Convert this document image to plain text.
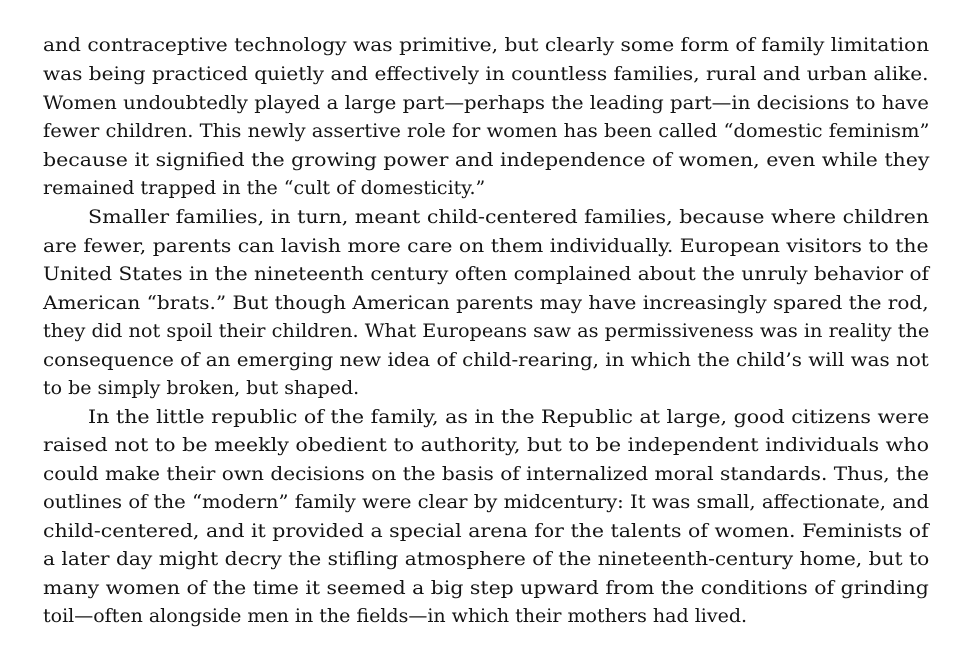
and contraceptive technology was primitive, but clearly some form of family limitation
was being practiced quietly and effectively in countless families, rural and urban alike.
Women undoubtedly played a large part—perhaps the leading part—in decisions to have
fewer children. This newly assertive role for women has been called “domestic feminism”
because it signified the growing power and independence of women, even while they
remained trapped in the “cult of domesticity.”
Smaller families, in turn, meant child-centered families, because where children
are fewer, parents can lavish more care on them individually. European visitors to the
United States in the nineteenth century often complained about the unruly behavior of
American “brats.” But though American parents may have increasingly spared the rod,
they did not spoil their children. What Europeans saw as permissiveness was in reality the
consequence of an emerging new idea of child-rearing, in which the child’s will was not
to be simply broken, but shaped.
In the little republic of the family, as in the Republic at large, good citizens were
raised not to be meekly obedient to authority, but to be independent individuals who
could make their own decisions on the basis of internalized moral standards. Thus, the
outlines of the “modern” family were clear by midcentury: It was small, affectionate, and
child-centered, and it provided a special arena for the talents of women. Feminists of
a later day might decry the stifling atmosphere of the nineteenth-century home, but to
many women of the time it seemed a big step upward from the conditions of grinding
toil—often alongside men in the fields—in which their mothers had lived.
